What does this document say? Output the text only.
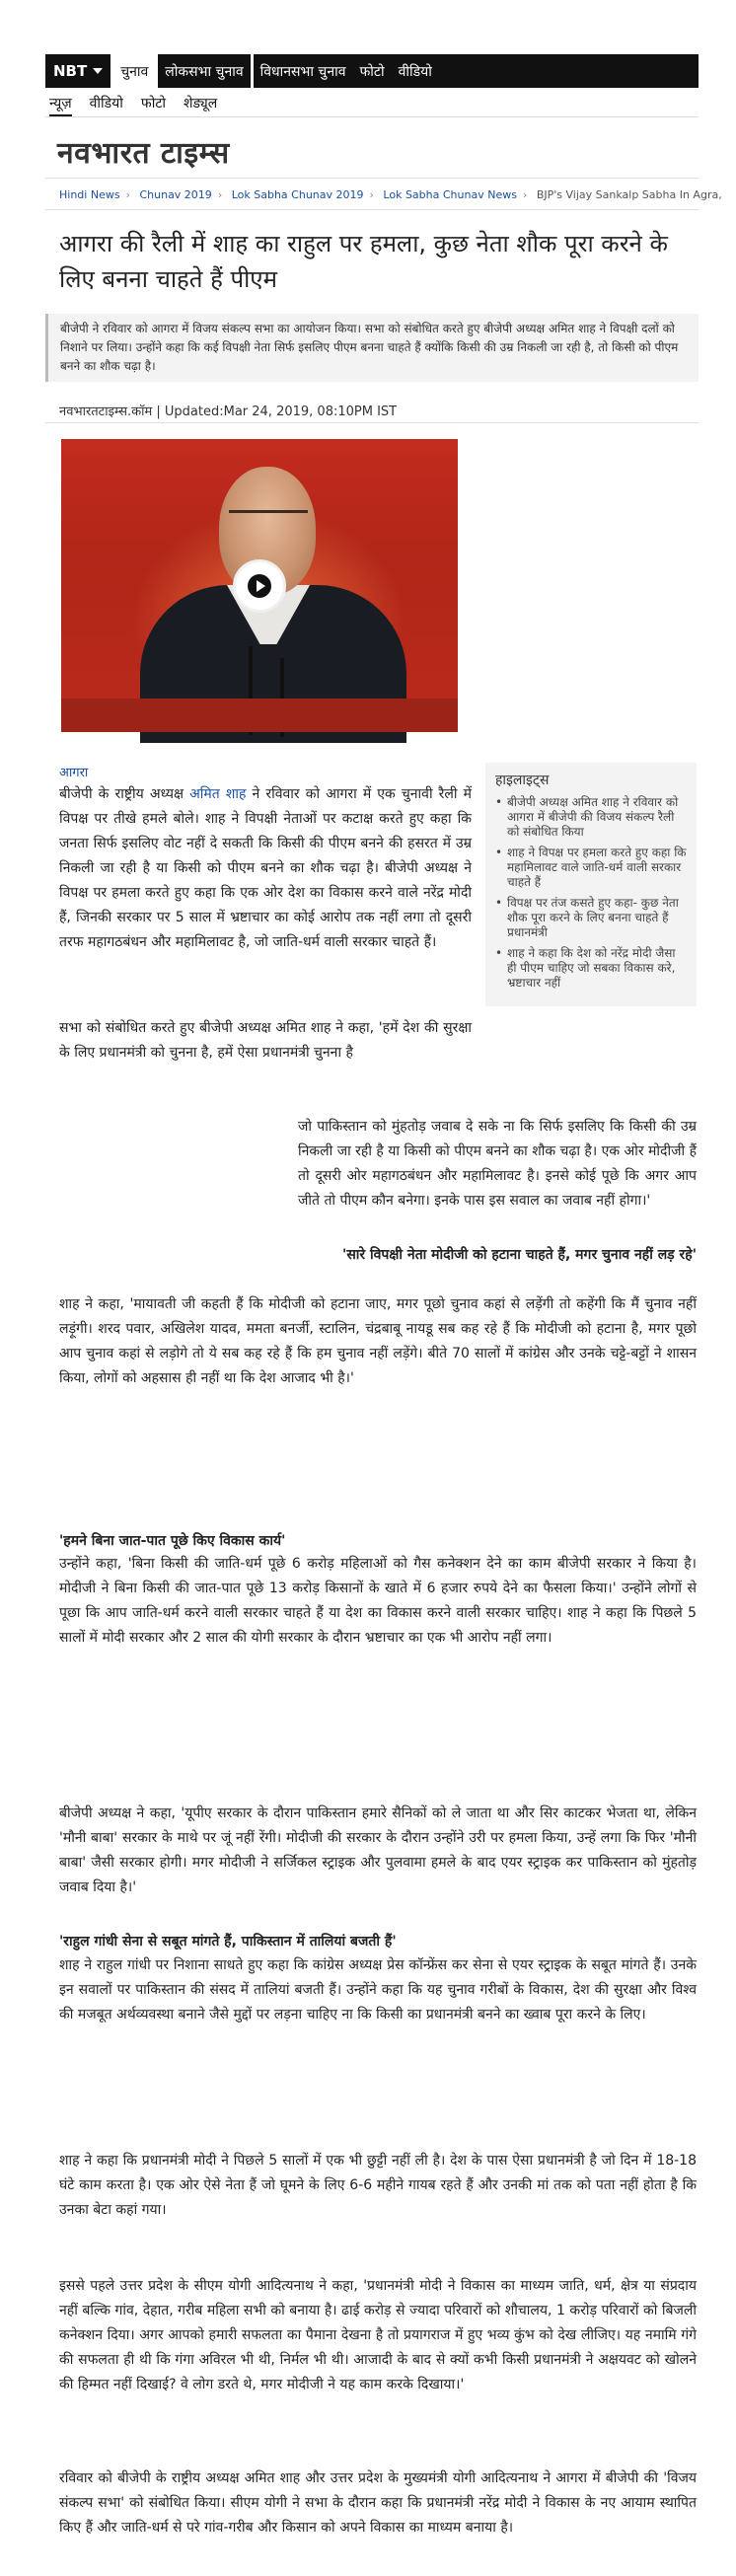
NBT	चुनाव	लोकसभा चुनाव	विधानसभा चुनाव	फोटो	वीडियो
न्यूज़ वीडियो फोटो शेड्यूल
नवभारत टाइम्स
Hindi News › Chunav 2019 › Lok Sabha Chunav 2019 › Lok Sabha Chunav News › BJP's Vijay Sankalp Sabha In Agra,
आगरा की रैली में शाह का राहुल पर हमला, कुछ नेता शौक पूरा करने के लिए बनना चाहते हैं पीएम
बीजेपी ने रविवार को आगरा में विजय संकल्प सभा का आयोजन किया। सभा को संबोधित करते हुए बीजेपी अध्यक्ष अमित शाह ने विपक्षी दलों को निशाने पर लिया। उन्होंने कहा कि कई विपक्षी नेता सिर्फ इसलिए पीएम बनना चाहते हैं क्योंकि किसी की उम्र निकली जा रही है, तो किसी को पीएम बनने का शौक चढ़ा है।
नवभारतटाइम्स.कॉम | Updated:Mar 24, 2019, 08:10PM IST
आगरा	हाइलाइट्स
• बीजेपी अध्यक्ष अमित शाह ने रविवार को आगरा में बीजेपी की विजय संकल्प रैली को संबोधित किया
• शाह ने विपक्ष पर हमला करते हुए कहा कि महामिलावट वाले जाति-धर्म वाली सरकार चाहते हैं
• विपक्ष पर तंज कसते हुए कहा- कुछ नेता शौक पूरा करने के लिए बनना चाहते हैं प्रधानमंत्री
• शाह ने कहा कि देश को नरेंद्र मोदी जैसा ही पीएम चाहिए जो सबका विकास करे, भ्रष्टाचार नहीं
बीजेपी के राष्ट्रीय अध्यक्ष अमित शाह ने रविवार को आगरा में एक चुनावी रैली में विपक्ष पर तीखे हमले बोले। शाह ने विपक्षी नेताओं पर कटाक्ष करते हुए कहा कि जनता सिर्फ इसलिए वोट नहीं दे सकती कि किसी की पीएम बनने की हसरत में उम्र निकली जा रही है या किसी को पीएम बनने का शौक चढ़ा है। बीजेपी अध्यक्ष ने विपक्ष पर हमला करते हुए कहा कि एक ओर देश का विकास करने वाले नरेंद्र मोदी हैं, जिनकी सरकार पर 5 साल में भ्रष्टाचार का कोई आरोप तक नहीं लगा तो दूसरी तरफ महागठबंधन और महामिलावट है, जो जाति-धर्म वाली सरकार चाहते हैं।
सभा को संबोधित करते हुए बीजेपी अध्यक्ष अमित शाह ने कहा, 'हमें देश की सुरक्षा के लिए प्रधानमंत्री को चुनना है, हमें ऐसा प्रधानमंत्री चुनना है
जो पाकिस्तान को मुंहतोड़ जवाब दे सके ना कि सिर्फ इसलिए कि किसी की उम्र निकली जा रही है या किसी को पीएम बनने का शौक चढ़ा है। एक ओर मोदीजी हैं तो दूसरी ओर महागठबंधन और महामिलावट है। इनसे कोई पूछे कि अगर आप जीते तो पीएम कौन बनेगा। इनके पास इस सवाल का जवाब नहीं होगा।'
'सारे विपक्षी नेता मोदीजी को हटाना चाहते हैं, मगर चुनाव नहीं लड़ रहे'
शाह ने कहा, 'मायावती जी कहती हैं कि मोदीजी को हटाना जाए, मगर पूछो चुनाव कहां से लड़ेंगी तो कहेंगी कि मैं चुनाव नहीं लड़ूंगी। शरद पवार, अखिलेश यादव, ममता बनर्जी, स्टालिन, चंद्रबाबू नायडू सब कह रहे हैं कि मोदीजी को हटाना है, मगर पूछो आप चुनाव कहां से लड़ोगे तो ये सब कह रहे हैं कि हम चुनाव नहीं लड़ेंगे। बीते 70 सालों में कांग्रेस और उनके चट्टे-बट्टों ने शासन किया, लोगों को अहसास ही नहीं था कि देश आजाद भी है।'
'हमने बिना जात-पात पूछे किए विकास कार्य'
उन्होंने कहा, 'बिना किसी की जाति-धर्म पूछे 6 करोड़ महिलाओं को गैस कनेक्शन देने का काम बीजेपी सरकार ने किया है। मोदीजी ने बिना किसी की जात-पात पूछे 13 करोड़ किसानों के खाते में 6 हजार रुपये देने का फैसला किया।' उन्होंने लोगों से पूछा कि आप जाति-धर्म करने वाली सरकार चाहते हैं या देश का विकास करने वाली सरकार चाहिए। शाह ने कहा कि पिछले 5 सालों में मोदी सरकार और 2 साल की योगी सरकार के दौरान भ्रष्टाचार का एक भी आरोप नहीं लगा।
बीजेपी अध्यक्ष ने कहा, 'यूपीए सरकार के दौरान पाकिस्तान हमारे सैनिकों को ले जाता था और सिर काटकर भेजता था, लेकिन 'मौनी बाबा' सरकार के माथे पर जूं नहीं रेंगी। मोदीजी की सरकार के दौरान उन्होंने उरी पर हमला किया, उन्हें लगा कि फिर 'मौनी बाबा' जैसी सरकार होगी। मगर मोदीजी ने सर्जिकल स्ट्राइक और पुलवामा हमले के बाद एयर स्ट्राइक कर पाकिस्तान को मुंहतोड़ जवाब दिया है।'
'राहुल गांधी सेना से सबूत मांगते हैं, पाकिस्तान में तालियां बजती हैं'
शाह ने राहुल गांधी पर निशाना साधते हुए कहा कि कांग्रेस अध्यक्ष प्रेस कॉन्फ्रेंस कर सेना से एयर स्ट्राइक के सबूत मांगते हैं। उनके इन सवालों पर पाकिस्तान की संसद में तालियां बजती हैं। उन्होंने कहा कि यह चुनाव गरीबों के विकास, देश की सुरक्षा और विश्व की मजबूत अर्थव्यवस्था बनाने जैसे मुद्दों पर लड़ना चाहिए ना कि किसी का प्रधानमंत्री बनने का ख्वाब पूरा करने के लिए।
शाह ने कहा कि प्रधानमंत्री मोदी ने पिछले 5 सालों में एक भी छुट्टी नहीं ली है। देश के पास ऐसा प्रधानमंत्री है जो दिन में 18-18 घंटे काम करता है। एक ओर ऐसे नेता हैं जो घूमने के लिए 6-6 महीने गायब रहते हैं और उनकी मां तक को पता नहीं होता है कि उनका बेटा कहां गया।
इससे पहले उत्तर प्रदेश के सीएम योगी आदित्यनाथ ने कहा, 'प्रधानमंत्री मोदी ने विकास का माध्यम जाति, धर्म, क्षेत्र या संप्रदाय नहीं बल्कि गांव, देहात, गरीब महिला सभी को बनाया है। ढाई करोड़ से ज्यादा परिवारों को शौचालय, 1 करोड़ परिवारों को बिजली कनेक्शन दिया। अगर आपको हमारी सफलता का पैमाना देखना है तो प्रयागराज में हुए भव्य कुंभ को देख लीजिए। यह नमामि गंगे की सफलता ही थी कि गंगा अविरल भी थी, निर्मल भी थी। आजादी के बाद से क्यों कभी किसी प्रधानमंत्री ने अक्षयवट को खोलने की हिम्मत नहीं दिखाई? वे लोग डरते थे, मगर मोदीजी ने यह काम करके दिखाया।'
रविवार को बीजेपी के राष्ट्रीय अध्यक्ष अमित शाह और उत्तर प्रदेश के मुख्यमंत्री योगी आदित्यनाथ ने आगरा में बीजेपी की 'विजय संकल्प सभा' को संबोधित किया। सीएम योगी ने सभा के दौरान कहा कि प्रधानमंत्री नरेंद्र मोदी ने विकास के नए आयाम स्थापित किए हैं और जाति-धर्म से परे गांव-गरीब और किसान को अपने विकास का माध्यम बनाया है।
